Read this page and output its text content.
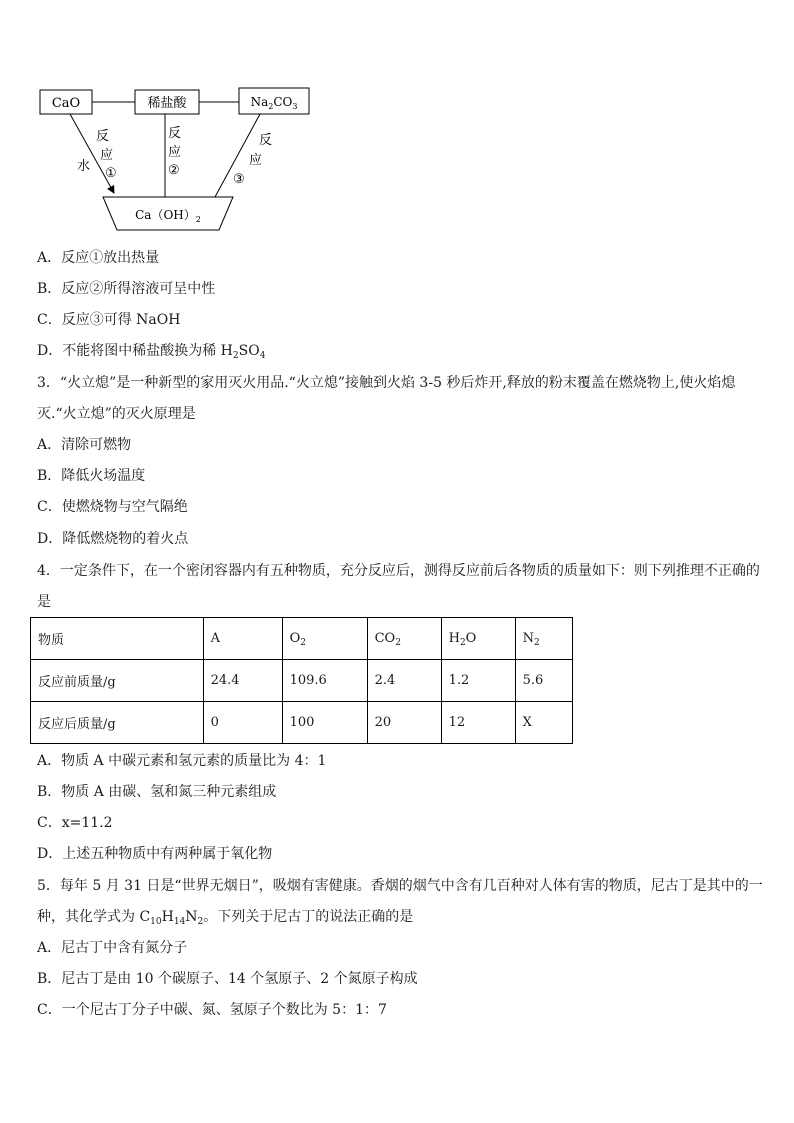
CaO	稀盐酸	$Na_2CO_3$
$Ca(OH)_2$
反
应
①
水
反
应
②
反
应
③
A．反应①放出热量
B．反应②所得溶液可呈中性
C．反应③可得 NaOH
D．不能将图中稀盐酸换为稀 $H_2SO_4$
3．“火立熄”是一种新型的家用灭火用品.“火立熄”接触到火焰 3-5 秒后炸开,释放的粉末覆盖在燃烧物上,使火焰熄
灭.“火立熄”的灭火原理是
A．清除可燃物
B．降低火场温度
C．使燃烧物与空气隔绝
D．降低燃烧物的着火点
4．一定条件下，在一个密闭容器内有五种物质，充分反应后，测得反应前后各物质的质量如下：则下列推理不正确的
是
物质	A	$O_2$	$CO_2$	$H_2O$	$N_2$
反应前质量/g	24.4	109.6	2.4	1.2	5.6
反应后质量/g	0	100	20	12	X
A．物质 A 中碳元素和氢元素的质量比为 4：1
B．物质 A 由碳、氢和氮三种元素组成
C．x=11.2
D．上述五种物质中有两种属于氧化物
5．每年 5 月 31 日是“世界无烟日”，吸烟有害健康。香烟的烟气中含有几百种对人体有害的物质，尼古丁是其中的一
种，其化学式为 $C_{10}H_{14}N_2$。下列关于尼古丁的说法正确的是
A．尼古丁中含有氮分子
B．尼古丁是由 10 个碳原子、14 个氢原子、2 个氮原子构成
C．一个尼古丁分子中碳、氮、氢原子个数比为 5：1：7
